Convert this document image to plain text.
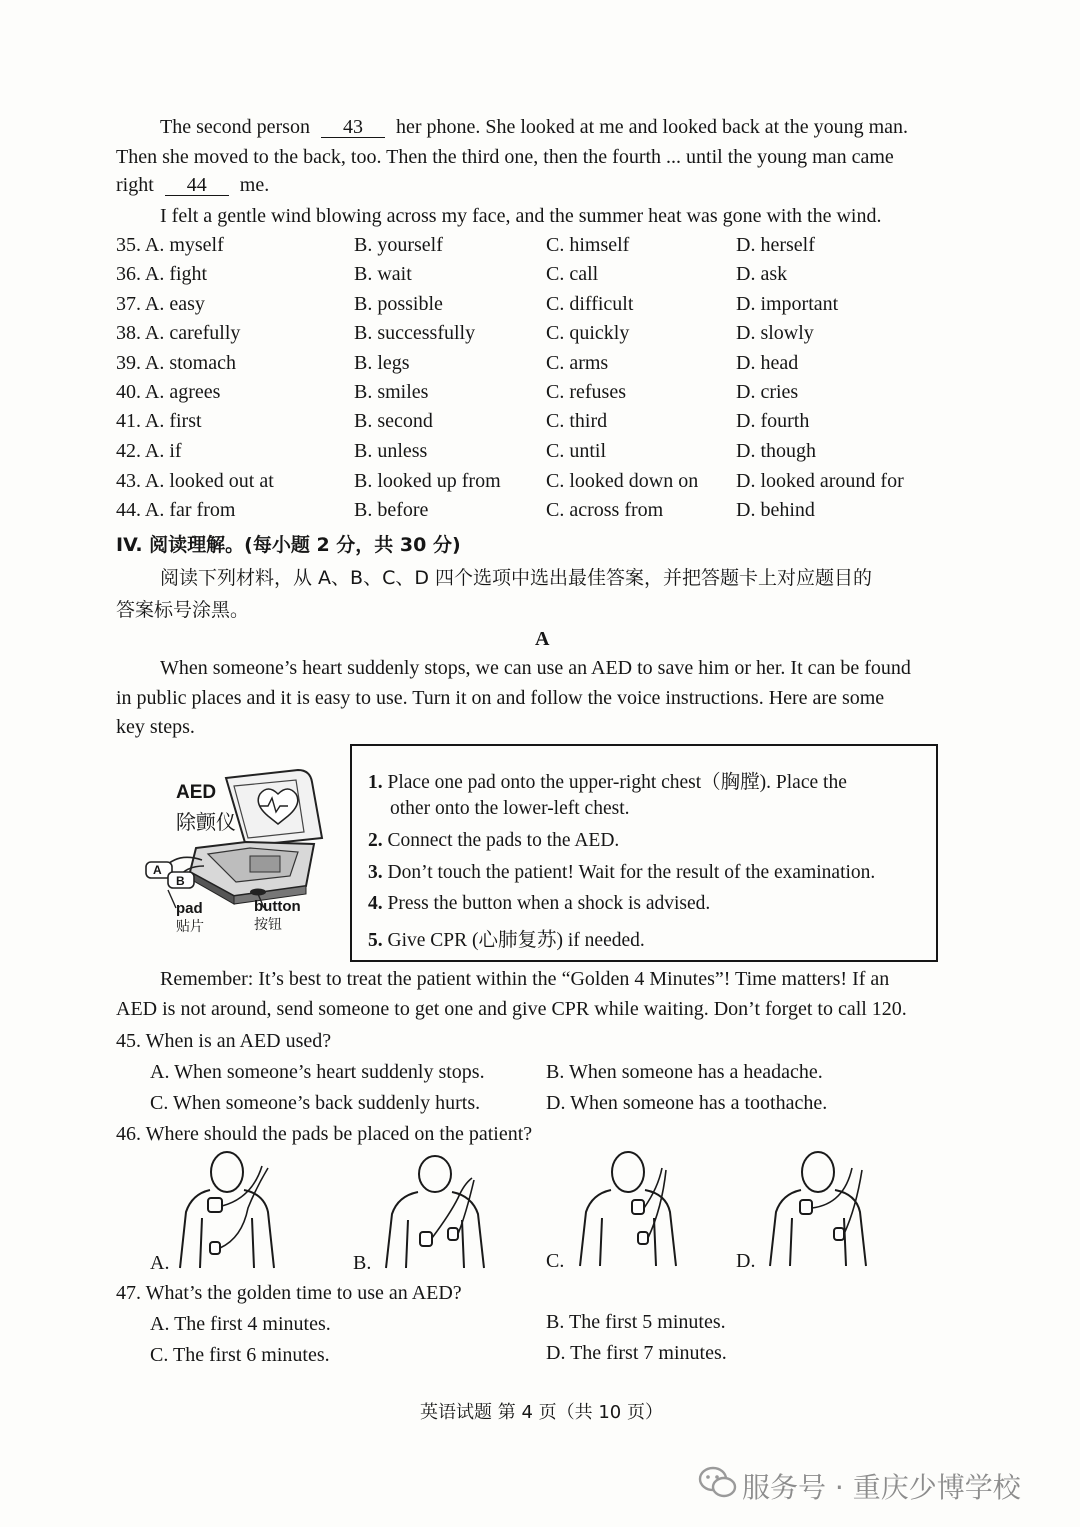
The second person 43 her phone. She looked at me and looked back at the young man.
Then she moved to the back, too. Then the third one, then the fourth ... until the young man came
right 44 me.
I felt a gentle wind blowing across my face, and the summer heat was gone with the wind.
35. A. myself	B. yourself	C. himself	D. herself
36. A. fight	B. wait	C. call	D. ask
37. A. easy	B. possible	C. difficult	D. important
38. A. carefully	B. successfully	C. quickly	D. slowly
39. A. stomach	B. legs	C. arms	D. head
40. A. agrees	B. smiles	C. refuses	D. cries
41. A. first	B. second	C. third	D. fourth
42. A. if	B. unless	C. until	D. though
43. A. looked out at	B. looked up from C. looked down on D. looked around for
44. A. far from	B. before	C. across from	D. behind
IV. 阅读理解。(每小题 2 分，共 30 分)
阅读下列材料，从 A、B、C、D 四个选项中选出最佳答案，并把答题卡上对应题目的
答案标号涂黑。
A
When someone’s heart suddenly stops, we can use an AED to save him or her. It can be found
in public places and it is easy to use. Turn it on and follow the voice instructions. Here are some
key steps.
AED
除颤仪
A
B
pad
贴片
button
按钮
1. Place one pad onto the upper-right chest（胸膛). Place the
other onto the lower-left chest.
2. Connect the pads to the AED.
3. Don’t touch the patient! Wait for the result of the examination.
4. Press the button when a shock is advised.
5. Give CPR (心肺复苏) if needed.
Remember: It’s best to treat the patient within the “Golden 4 Minutes”! Time matters! If an
AED is not around, send someone to get one and give CPR while waiting. Don’t forget to call 120.
45. When is an AED used?
A. When someone’s heart suddenly stops.	B. When someone has a headache.
C. When someone’s back suddenly hurts.	D. When someone has a toothache.
46. Where should the pads be placed on the patient?
A.	B.	C.	D.
47. What’s the golden time to use an AED?
A. The first 4 minutes.	B. The first 5 minutes.
C. The first 6 minutes.	D. The first 7 minutes.
英语试题 第 4 页（共 10 页）
服务号 · 重庆少博学校
